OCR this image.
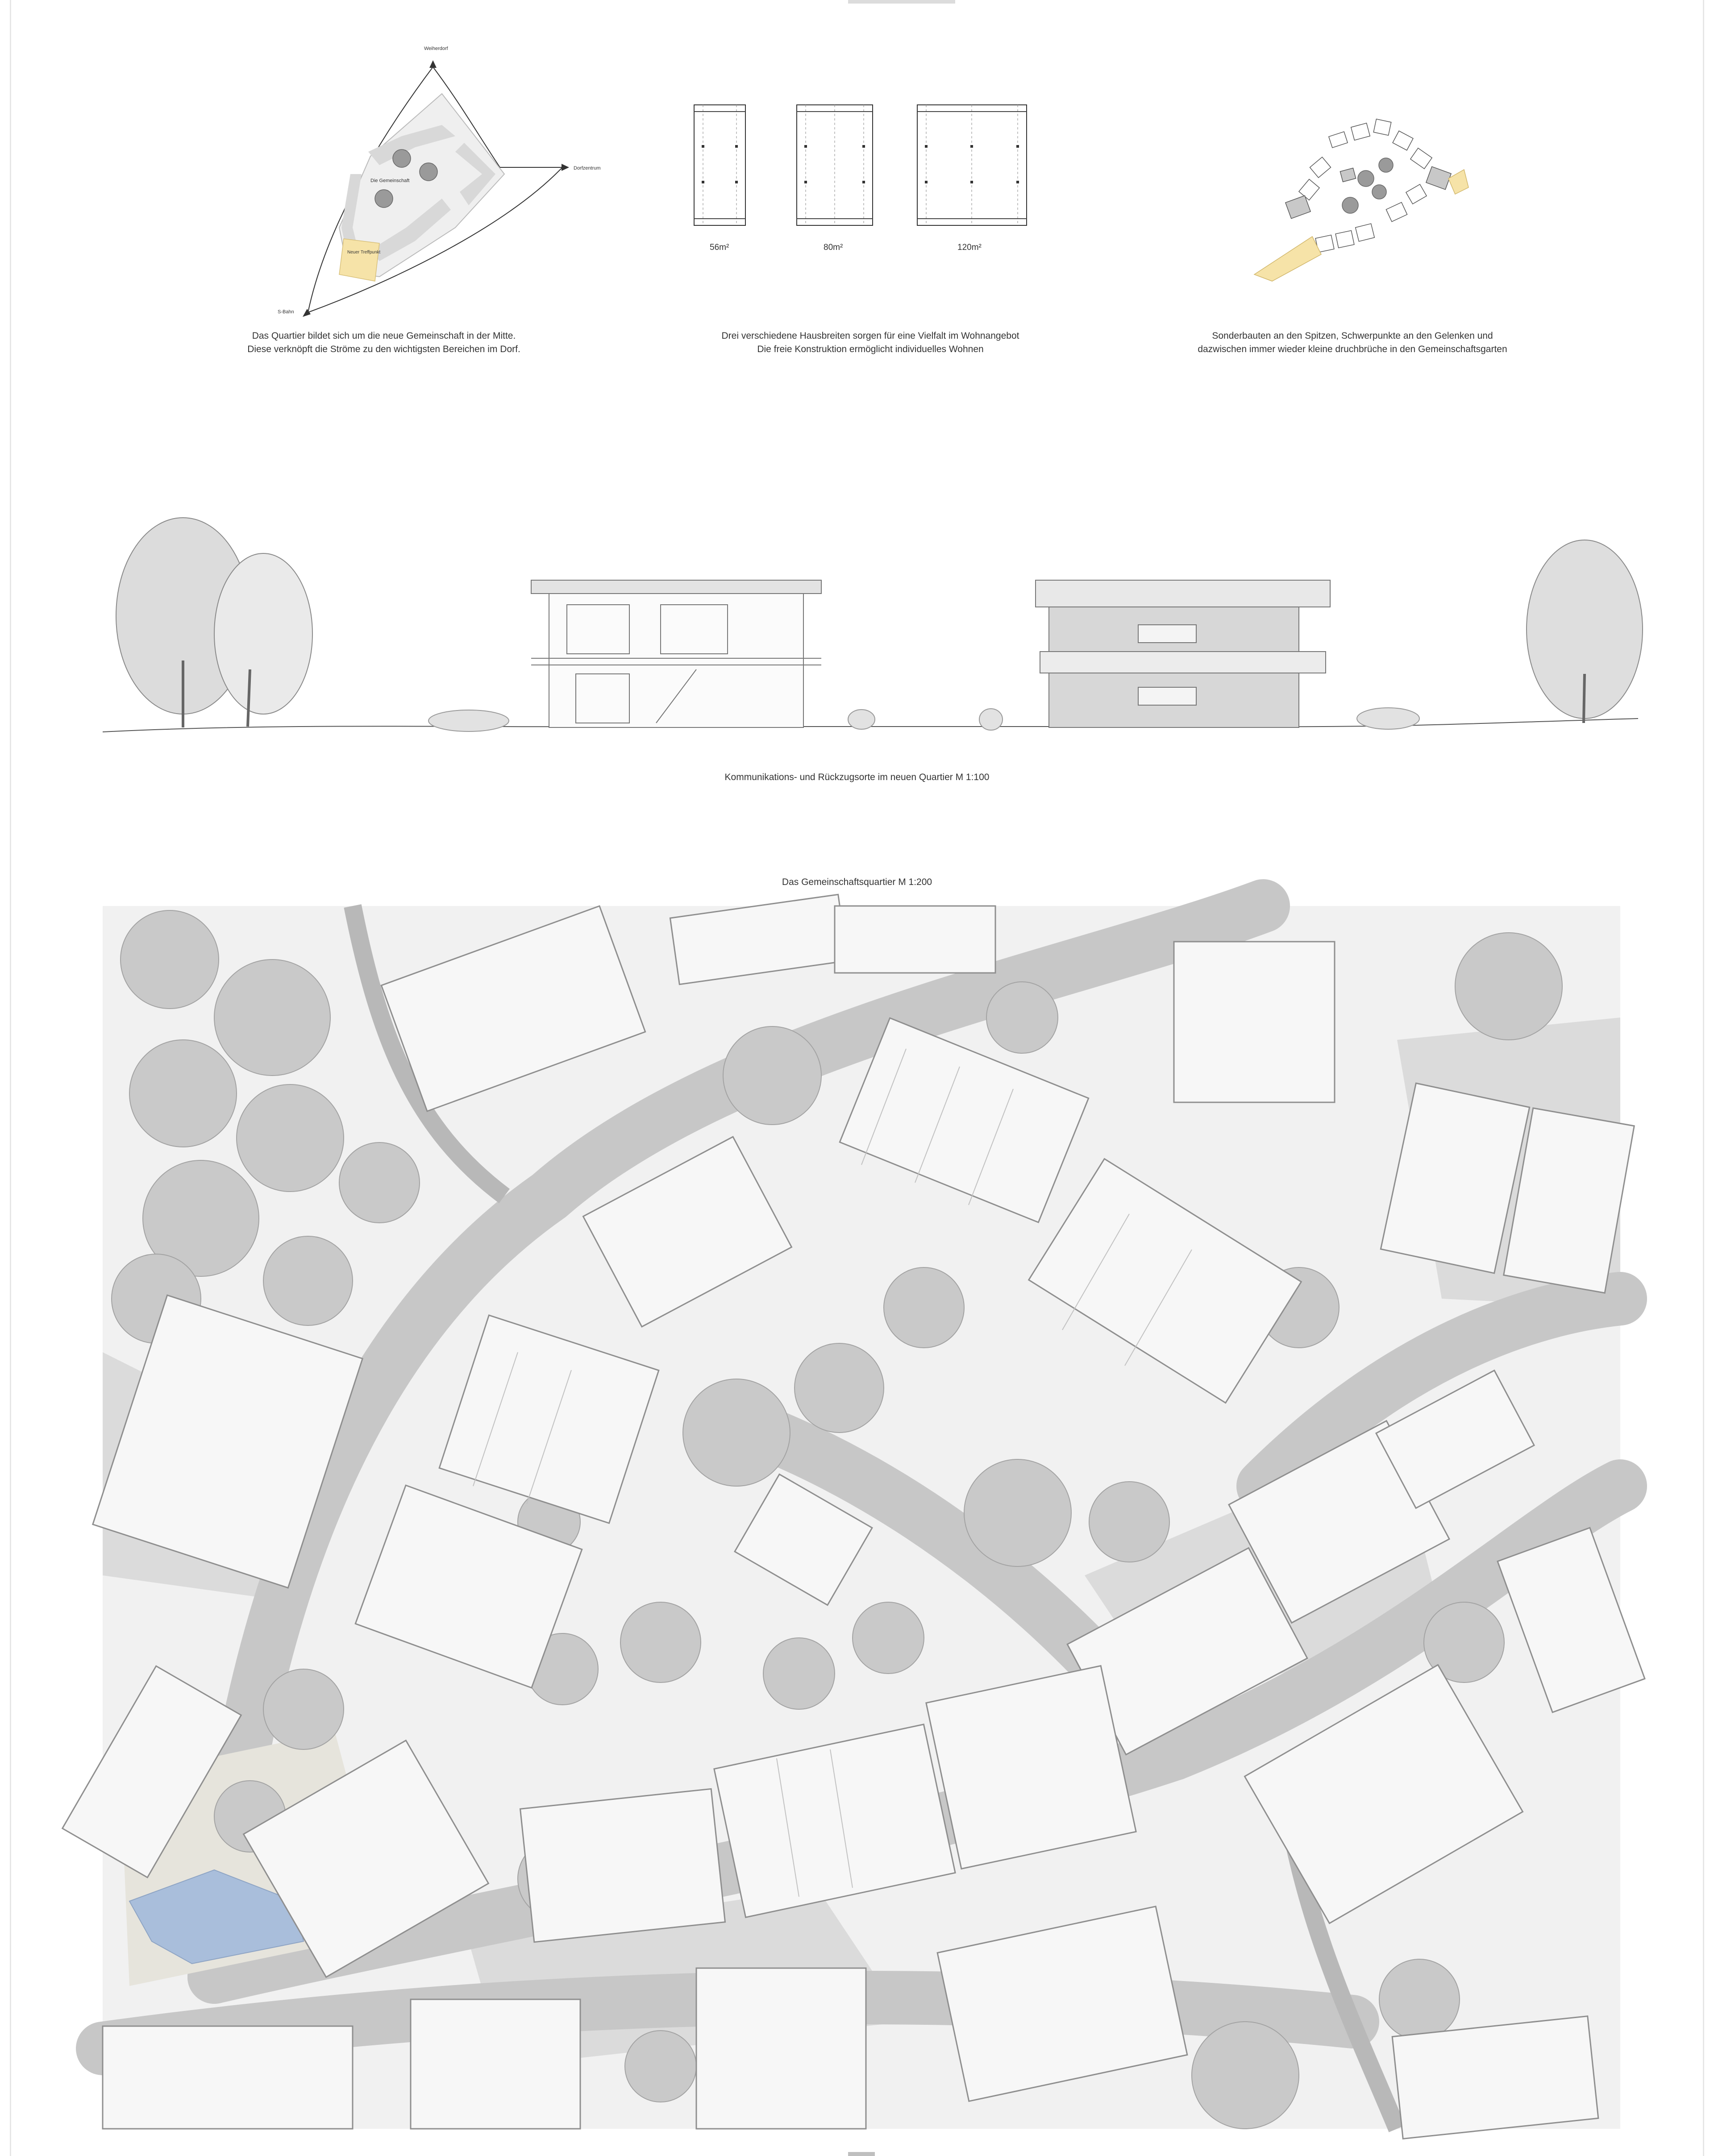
Weiherdorf
Dorfzentrum
S-Bahn
Die Gemeinschaft
Neuer Treffpunkt
Das Quartier bildet sich um die neue Gemeinschaft in der Mitte.
Diese verknöpft die Ströme zu den wichtigsten Bereichen im Dorf.
56m²	80m²	120m²
Drei verschiedene Hausbreiten sorgen für eine Vielfalt im Wohnangebot
Die freie Konstruktion ermöglicht individuelles Wohnen
Sonderbauten an den Spitzen, Schwerpunkte an den Gelenken und
dazwischen immer wieder kleine druchbrüche in den Gemeinschaftsgarten
Kommunikations- und Rückzugsorte im neuen Quartier M 1:100
Das Gemeinschaftsquartier M 1:200
